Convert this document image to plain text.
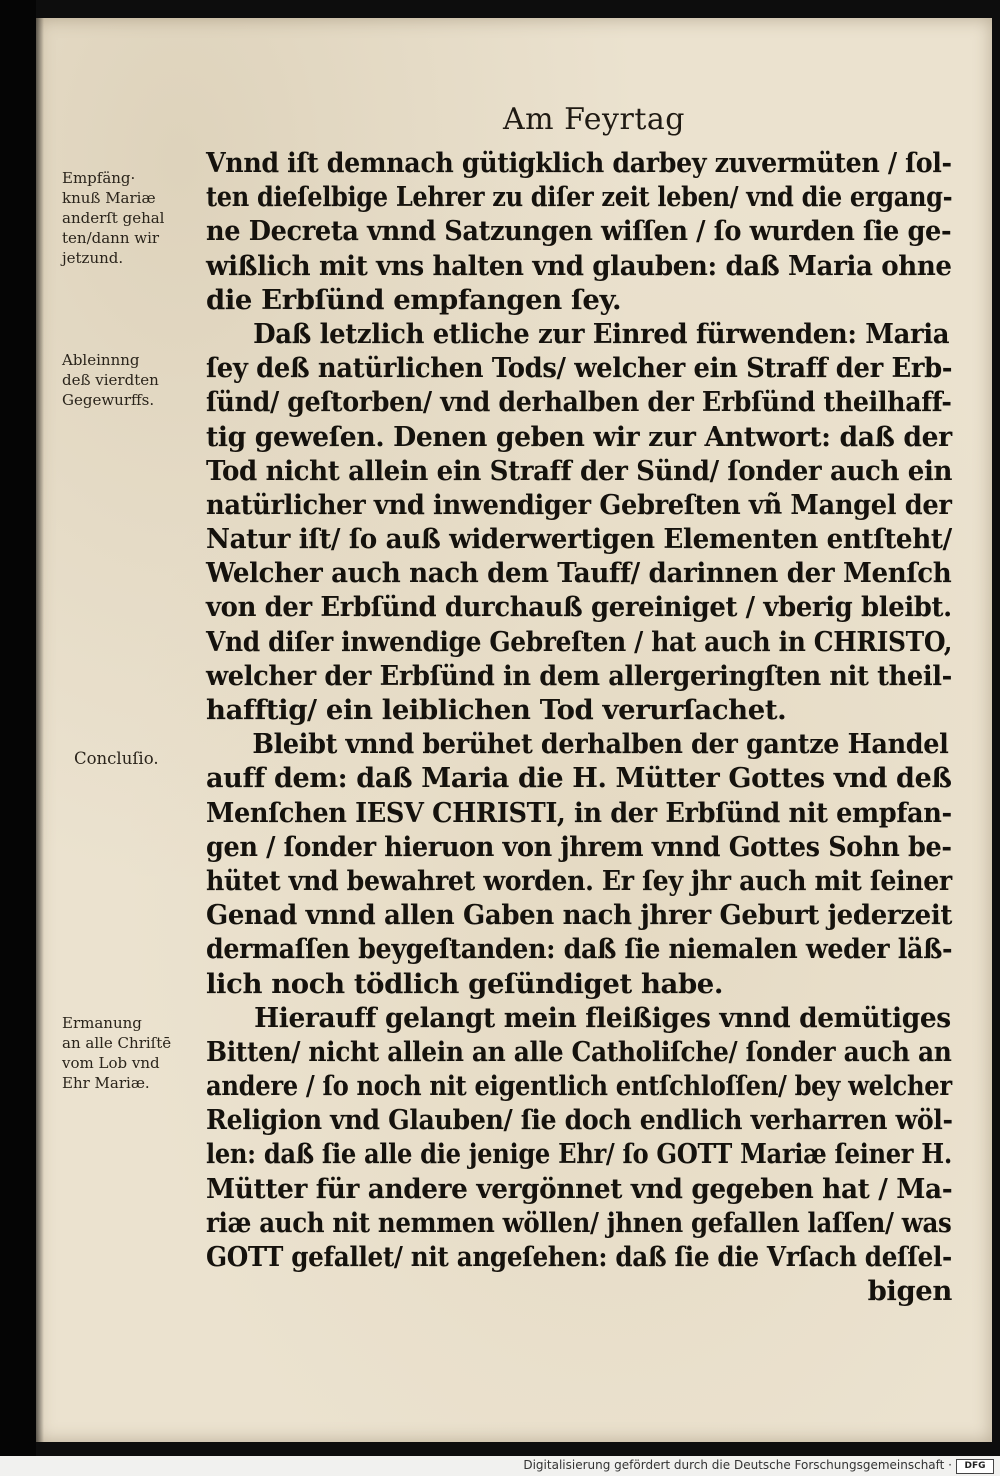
Am Feyrtag
Empfäng·
knuß Mariæ
anderſt gehal
ten/dann wir
jetzund.
Ableinnng
deß vierdten
Gegewurffs.
Concluſio.
Ermanung
an alle Chriſtē
vom Lob vnd
Ehr Mariæ.
Vnnd iſt demnach gütigklich darbey zuvermüten / ſol-
ten dieſelbige Lehrer zu diſer zeit leben/ vnd die ergang-
ne Decreta vnnd Satzungen wiſſen / ſo wurden ſie ge-
wißlich mit vns halten vnd glauben: daß Maria ohne
die Erbſünd empfangen ſey.
Daß letzlich etliche zur Einred fürwenden: Maria
ſey deß natürlichen Tods/ welcher ein Straff der Erb-
ſünd/ geſtorben/ vnd derhalben der Erbſünd theilhaff-
tig geweſen. Denen geben wir zur Antwort: daß der
Tod nicht allein ein Straff der Sünd/ ſonder auch ein
natürlicher vnd inwendiger Gebreſten vñ Mangel der
Natur iſt/ ſo auß widerwertigen Elementen entſteht/
Welcher auch nach dem Tauff/ darinnen der Menſch
von der Erbſünd durchauß gereiniget / vberig bleibt.
Vnd diſer inwendige Gebreſten / hat auch in CHRISTO,
welcher der Erbſünd in dem allergeringſten nit theil-
hafftig/ ein leiblichen Tod verurſachet.
Bleibt vnnd berühet derhalben der gantze Handel
auff dem: daß Maria die H. Mütter Gottes vnd deß
Menſchen IESV CHRISTI, in der Erbſünd nit empfan-
gen / ſonder hieruon von jhrem vnnd Gottes Sohn be-
hütet vnd bewahret worden. Er ſey jhr auch mit ſeiner
Genad vnnd allen Gaben nach jhrer Geburt jederzeit
dermaſſen beygeſtanden: daß ſie niemalen weder läß-
lich noch tödlich geſündiget habe.
Hierauff gelangt mein fleißiges vnnd demütiges
Bitten/ nicht allein an alle Catholiſche/ ſonder auch an
andere / ſo noch nit eigentlich entſchloſſen/ bey welcher
Religion vnd Glauben/ ſie doch endlich verharren wöl-
len: daß ſie alle die jenige Ehr/ ſo GOTT Mariæ ſeiner H.
Mütter für andere vergönnet vnd gegeben hat / Ma-
riæ auch nit nemmen wöllen/ jhnen gefallen laſſen/ was
GOTT gefallet/ nit angeſehen: daß ſie die Vrſach deſſel-
bigen
Digitalisierung gefördert durch die Deutsche Forschungsgemeinschaft ·	DFG
